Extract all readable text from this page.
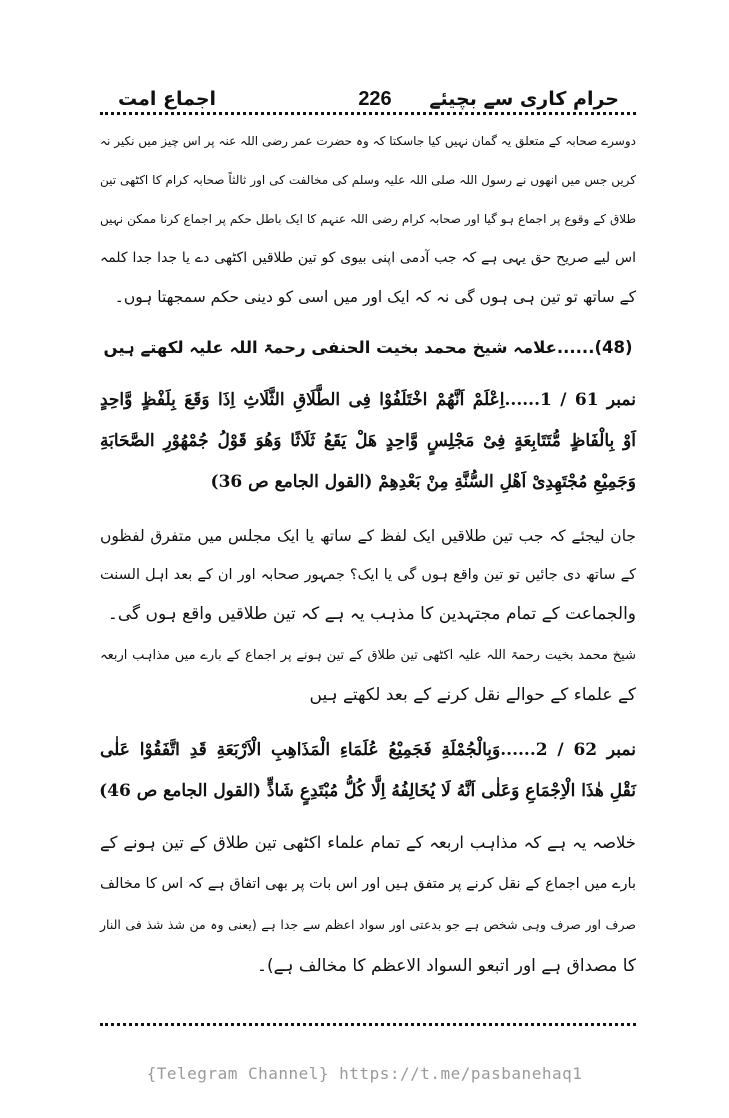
حرام کاری سے بچیئے
226
اجماع امت
دوسرے صحابہ کے متعلق یہ گمان نہیں کیا جاسکتا کہ وہ حضرت عمر رضی اللہ عنہ پر اس چیز میں نکیر نہ
کریں جس میں انھوں نے رسول اللہ صلی اللہ علیہ وسلم کی مخالفت کی اور ثالثاً صحابہ کرام کا اکٹھی تین
طلاق کے وقوع پر اجماع ہو گیا اور صحابہ کرام رضی اللہ عنہم کا ایک باطل حکم پر اجماع کرنا ممکن نہیں
اس لیے صریح حق یہی ہے کہ جب آدمی اپنی بیوی کو تین طلاقیں اکٹھی دے یا جدا جدا کلمہ
کے ساتھ تو تین ہی ہوں گی نہ کہ ایک اور میں اسی کو دینی حکم سمجھتا ہوں۔
(48)......علامہ شیخ محمد بخیت الحنفی رحمۃ اللہ علیہ لکھتے ہیں
نمبر 61 / 1......اِعْلَمْ اَنَّهُمْ اخْتَلَفُوْا فِی الطَّلَاقِ الثَّلَاثِ اِذَا وَقَعَ بِلَفْظٍ وَّاحِدٍ
اَوْ بِالْفَاظٍ مُّتَتَابِعَةٍ فِیْ مَجْلِسٍ وَّاحِدٍ هَلْ يَقَعُ ثَلَاثًا وَهُوَ قَوْلُ جُمْهُوْرِ الصَّحَابَةِ
وَجَمِيْعِ مُجْتَهِدِیْ اَهْلِ السُّنَّةِ مِنْ بَعْدِهِمْ (القول الجامع ص 36)
جان لیجئے کہ جب تین طلاقیں ایک لفظ کے ساتھ یا ایک مجلس میں متفرق لفظوں
کے ساتھ دی جائیں تو تین واقع ہوں گی یا ایک؟ جمہور صحابہ اور ان کے بعد اہل السنت
والجماعت کے تمام مجتہدین کا مذہب یہ ہے کہ تین طلاقیں واقع ہوں گی۔
شیخ محمد بخیت رحمۃ اللہ علیہ اکٹھی تین طلاق کے تین ہونے پر اجماع کے بارے میں مذاہب اربعہ
کے علماء کے حوالے نقل کرنے کے بعد لکھتے ہیں
نمبر 62 / 2......وَبِالْجُمْلَةِ فَجَمِيْعُ عُلَمَاءِ الْمَذَاهِبِ الْاَرْبَعَةِ قَدِ اتَّفَقُوْا عَلٰی
نَقْلِ هٰذَا الْاِجْمَاعِ وَعَلٰی اَنَّهُ لَا يُخَالِفُهُ اِلَّا كُلُّ مُبْتَدِعٍ شَاذٍّ (القول الجامع ص 46)
خلاصہ یہ ہے کہ مذاہب اربعہ کے تمام علماء اکٹھی تین طلاق کے تین ہونے کے
بارے میں اجماع کے نقل کرنے پر متفق ہیں اور اس بات پر بھی اتفاق ہے کہ اس کا مخالف
صرف اور صرف وہی شخص ہے جو بدعتی اور سواد اعظم سے جدا ہے (یعنی وہ من شذ شذ فی النار
کا مصداق ہے اور اتبعو السواد الاعظم کا مخالف ہے)۔
{Telegram Channel} https://t.me/pasbanehaq1
